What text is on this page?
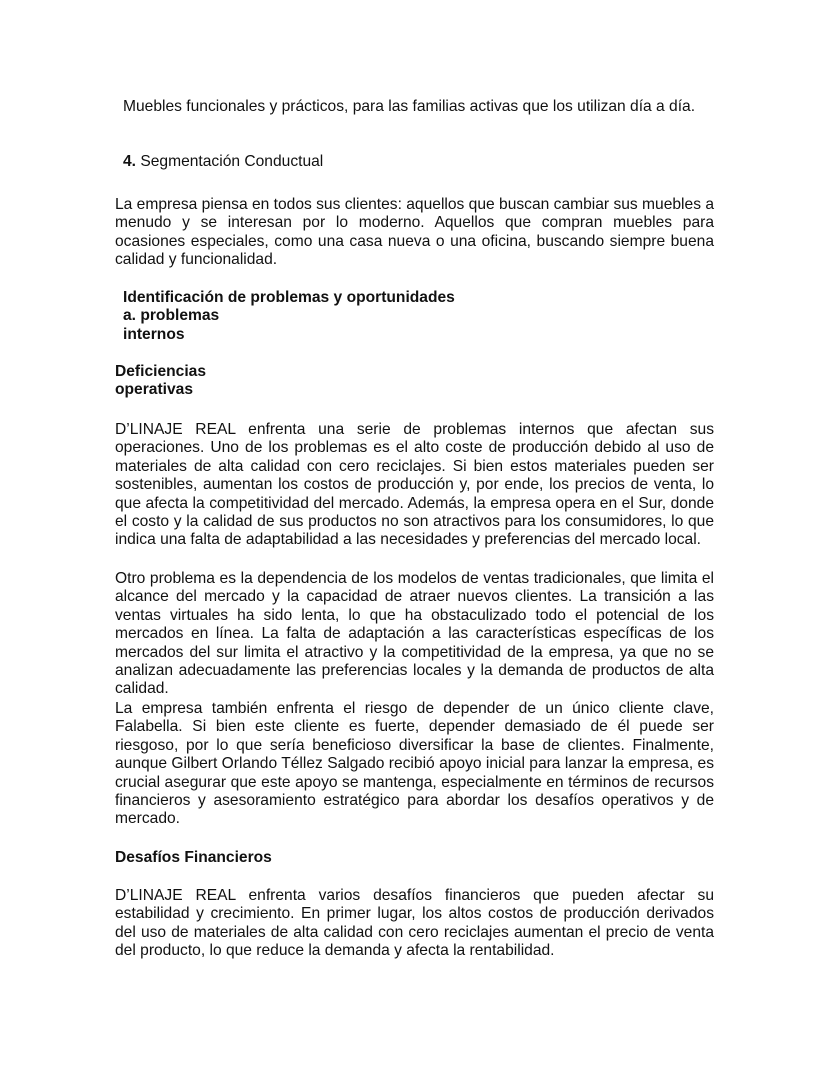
Muebles funcionales y prácticos, para las familias activas que los utilizan día a día.
4. Segmentación Conductual
La empresa piensa en todos sus clientes: aquellos que buscan cambiar sus muebles a menudo y se interesan por lo moderno. Aquellos que compran muebles para ocasiones especiales, como una casa nueva o una oficina, buscando siempre buena calidad y funcionalidad.
Identificación de problemas y oportunidades
a. problemas
internos
Deficiencias
operativas
D’LINAJE REAL enfrenta una serie de problemas internos que afectan sus operaciones. Uno de los problemas es el alto coste de producción debido al uso de materiales de alta calidad con cero reciclajes. Si bien estos materiales pueden ser sostenibles, aumentan los costos de producción y, por ende, los precios de venta, lo que afecta la competitividad del mercado. Además, la empresa opera en el Sur, donde el costo y la calidad de sus productos no son atractivos para los consumidores, lo que indica una falta de adaptabilidad a las necesidades y preferencias del mercado local.
Otro problema es la dependencia de los modelos de ventas tradicionales, que limita el alcance del mercado y la capacidad de atraer nuevos clientes. La transición a las ventas virtuales ha sido lenta, lo que ha obstaculizado todo el potencial de los mercados en línea. La falta de adaptación a las características específicas de los mercados del sur limita el atractivo y la competitividad de la empresa, ya que no se analizan adecuadamente las preferencias locales y la demanda de productos de alta calidad.
La empresa también enfrenta el riesgo de depender de un único cliente clave, Falabella. Si bien este cliente es fuerte, depender demasiado de él puede ser riesgoso, por lo que sería beneficioso diversificar la base de clientes. Finalmente, aunque Gilbert Orlando Téllez Salgado recibió apoyo inicial para lanzar la empresa, es crucial asegurar que este apoyo se mantenga, especialmente en términos de recursos financieros y asesoramiento estratégico para abordar los desafíos operativos y de mercado.
Desafíos Financieros
D’LINAJE REAL enfrenta varios desafíos financieros que pueden afectar su estabilidad y crecimiento. En primer lugar, los altos costos de producción derivados del uso de materiales de alta calidad con cero reciclajes aumentan el precio de venta del producto, lo que reduce la demanda y afecta la rentabilidad.
